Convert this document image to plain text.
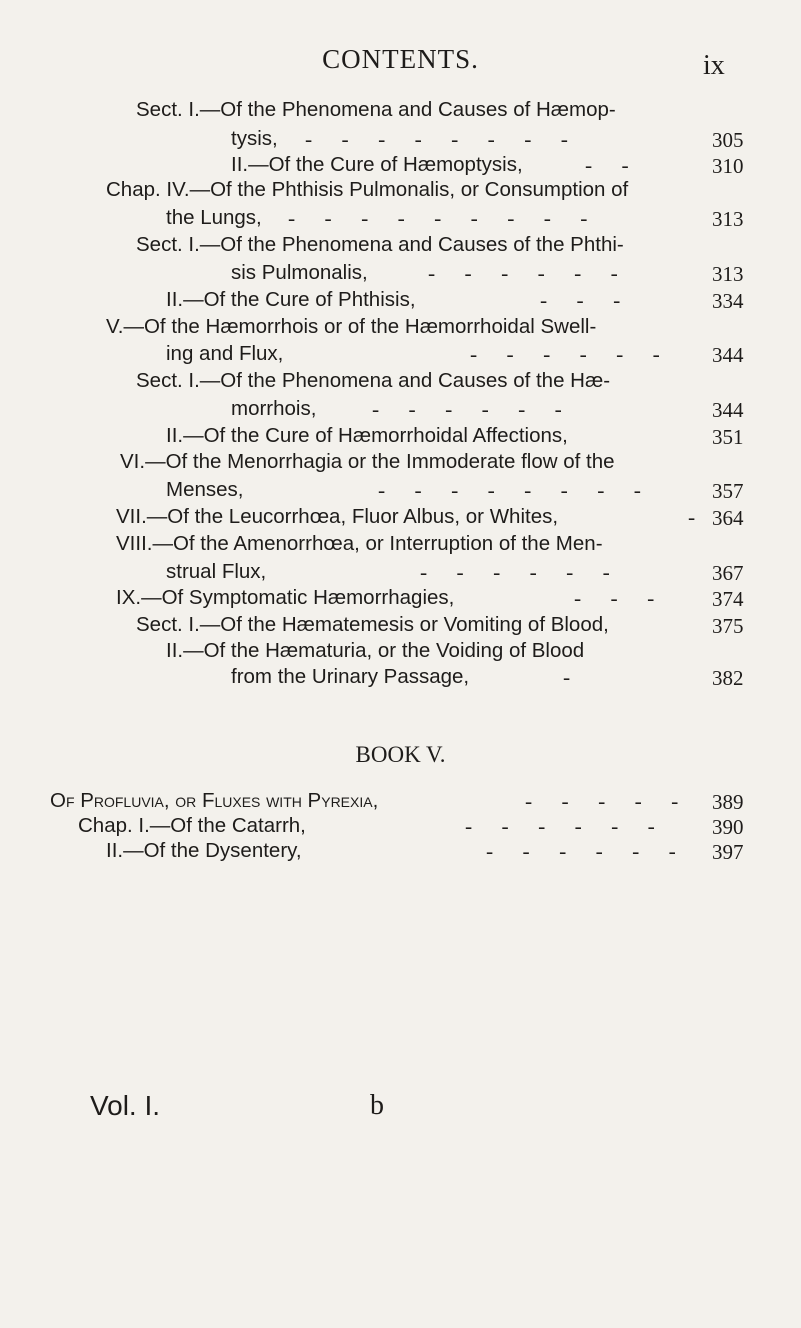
CONTENTS.	ix
Sect. I.—Of the Phenomena and Causes of Hæmop-
tysis, - - - - - - - -	305
II.—Of the Cure of Hæmoptysis,	- -	310
Chap. IV.—Of the Phthisis Pulmonalis, or Consumption of
the Lungs, - - - - - - - - -	313
Sect. I.—Of the Phenomena and Causes of the Phthi-
sis Pulmonalis,	- - - - - -	313
II.—Of the Cure of Phthisis,	- - -	334
V.—Of the Hæmorrhois or of the Hæmorrhoidal Swell-
ing and Flux,	- - - - - - 344
Sect. I.—Of the Phenomena and Causes of the Hæ-
morrhois,	- - - - - -	344
II.—Of the Cure of Hæmorrhoidal Affections,	351
VI.—Of the Menorrhagia or the Immoderate flow of the
Menses,	- - - - - - - -	357
VII.—Of the Leucorrhœa, Fluor Albus, or Whites,	- 364
VIII.—Of the Amenorrhœa, or Interruption of the Men-
strual Flux,	- - - - - -	367
IX.—Of Symptomatic Hæmorrhagies,	- - - 374
Sect. I.—Of the Hæmatemesis or Vomiting of Blood,	375
II.—Of the Hæmaturia, or the Voiding of Blood
from the Urinary Passage,	-	382
BOOK V.
Of Profluvia, or Fluxes with Pyrexia,	- - - - - 389
Chap. I.—Of the Catarrh,	- - - - - - 390
II.—Of the Dysentery,	- - - - - - 397
Vol. I.	b
